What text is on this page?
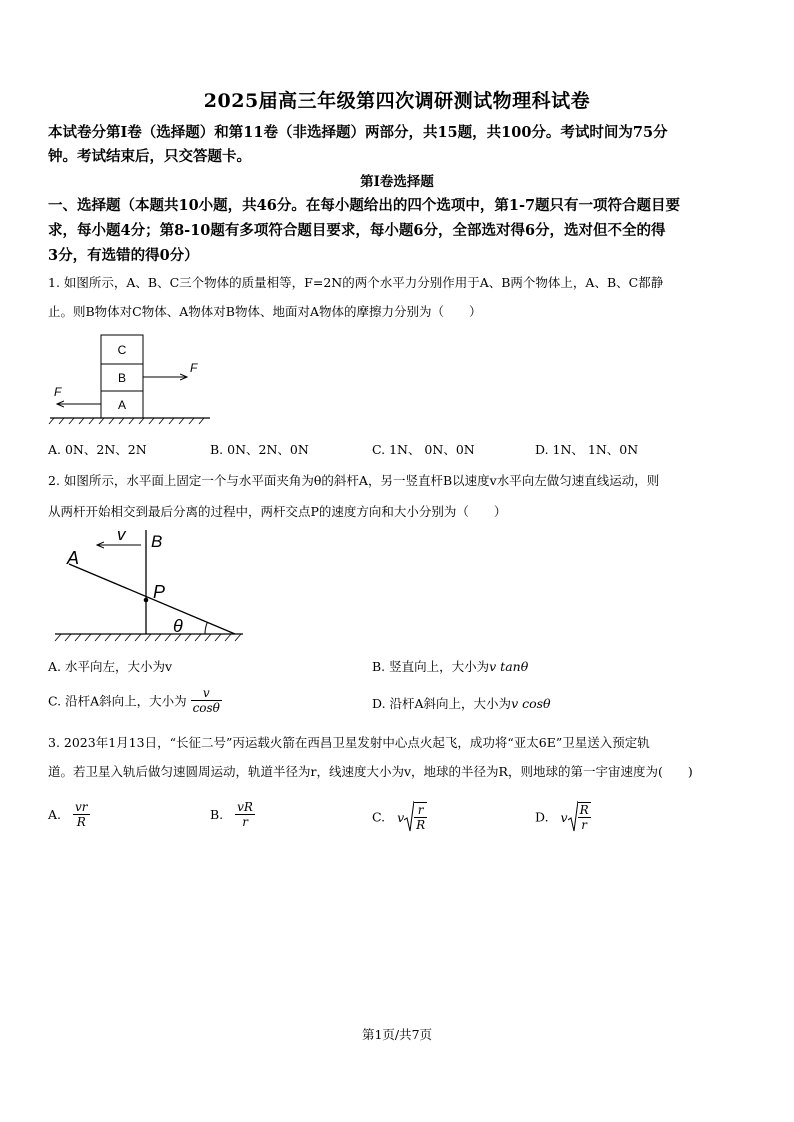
2025届高三年级第四次调研测试物理科试卷
本试卷分第I卷（选择题）和第11卷（非选择题）两部分，共15题，共100分。考试时间为75分
钟。考试结束后，只交答题卡。
第I卷选择题
一、选择题（本题共10小题，共46分。在每小题给出的四个选项中，第1-7题只有一项符合题目要
求，每小题4分；第8-10题有多项符合题目要求，每小题6分，全部选对得6分，选对但不全的得
3分，有选错的得0分）
1. 如图所示，A、B、C三个物体的质量相等，F=2N的两个水平力分别作用于A、B两个物体上，A、B、C都静
止。则B物体对C物体、A物体对B物体、地面对A物体的摩擦力分别为（　　）
C
B
A
F
F
A. 0N、2N、2N	B. 0N、2N、0N	C. 1N、 0N、0N	D. 1N、 1N、0N
2. 如图所示，水平面上固定一个与水平面夹角为θ的斜杆A，另一竖直杆B以速度v水平向左做匀速直线运动，则
从两杆开始相交到最后分离的过程中，两杆交点P的速度方向和大小分别为（　　）
v B
A
P
θ
A. 水平向左，大小为v	B. 竖直向上，大小为v tanθ
C. 沿杆A斜向上，大小为 $\frac{v}{\cos\theta}$	D. 沿杆A斜向上，大小为v cosθ
3. 2023年1月13日，“长征二号”丙运载火箭在西昌卫星发射中心点火起飞，成功将“亚太6E”卫星送入预定轨
道。若卫星入轨后做匀速圆周运动，轨道半径为r，线速度大小为v，地球的半径为R，则地球的第一宇宙速度为(　　)
A. $\frac{vr}{R}$	B. $\frac{vR}{r}$	C. v $\frac{r}{R}$	D. v $\frac{R}{r}$
第1页/共7页
